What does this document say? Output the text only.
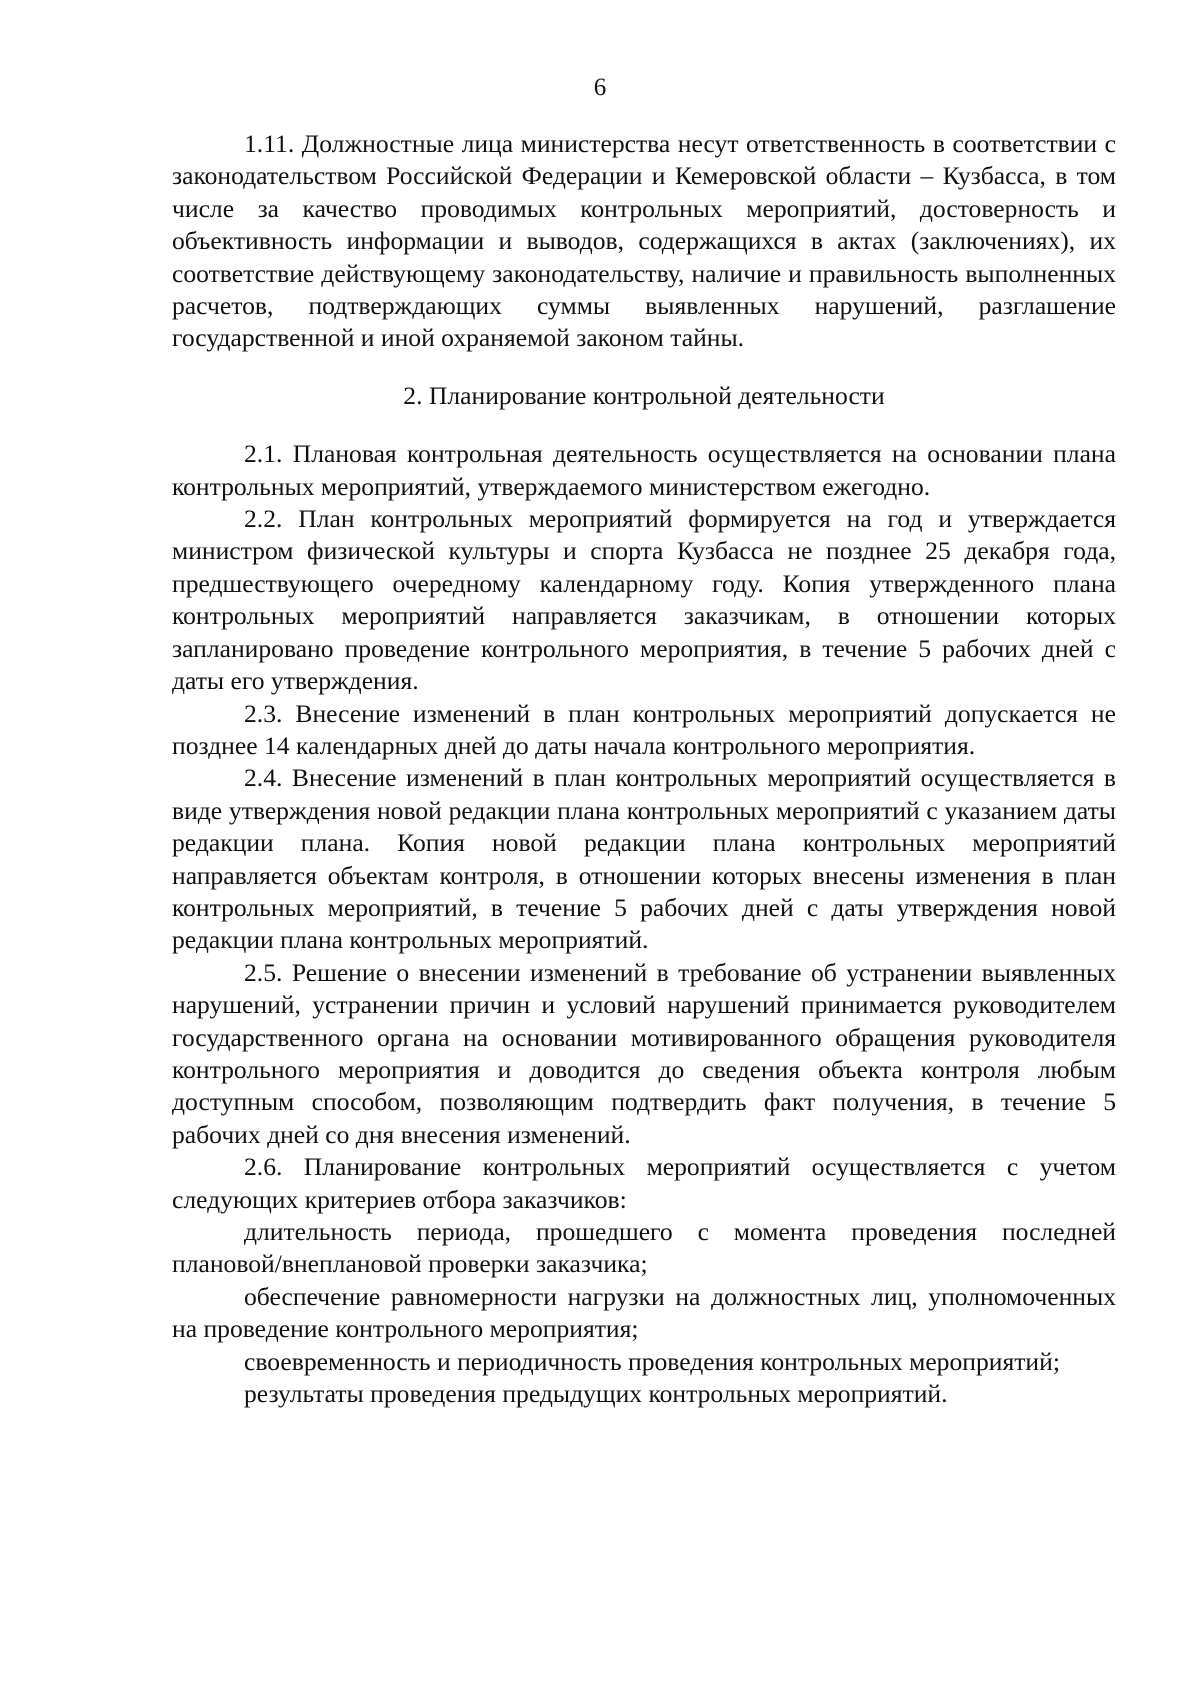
6

1.11. Должностные лица министерства несут ответственность в соответствии с законодательством Российской Федерации и Кемеровской области – Кузбасса, в том числе за качество проводимых контрольных мероприятий, достоверность и объективность информации и выводов, содержащихся в актах (заключениях), их соответствие действующему законодательству, наличие и правильность выполненных расчетов, подтверждающих суммы выявленных нарушений, разглашение государственной и иной охраняемой законом тайны.

2. Планирование контрольной деятельности

2.1. Плановая контрольная деятельность осуществляется на основании плана контрольных мероприятий, утверждаемого министерством ежегодно.

2.2. План контрольных мероприятий формируется на год и утверждается министром физической культуры и спорта Кузбасса не позднее 25 декабря года, предшествующего очередному календарному году. Копия утвержденного плана контрольных мероприятий направляется заказчикам, в отношении которых запланировано проведение контрольного мероприятия, в течение 5 рабочих дней с даты его утверждения.

2.3. Внесение изменений в план контрольных мероприятий допускается не позднее 14 календарных дней до даты начала контрольного мероприятия.

2.4. Внесение изменений в план контрольных мероприятий осуществляется в виде утверждения новой редакции плана контрольных мероприятий с указанием даты редакции плана. Копия новой редакции плана контрольных мероприятий направляется объектам контроля, в отношении которых внесены изменения в план контрольных мероприятий, в течение 5 рабочих дней с даты утверждения новой редакции плана контрольных мероприятий.

2.5. Решение о внесении изменений в требование об устранении выявленных нарушений, устранении причин и условий нарушений принимается руководителем государственного органа на основании мотивированного обращения руководителя контрольного мероприятия и доводится до сведения объекта контроля любым доступным способом, позволяющим подтвердить факт получения, в течение 5 рабочих дней со дня внесения изменений.

2.6. Планирование контрольных мероприятий осуществляется с учетом следующих критериев отбора заказчиков:

длительность периода, прошедшего с момента проведения последней плановой/внеплановой проверки заказчика;

обеспечение равномерности нагрузки на должностных лиц, уполномоченных на проведение контрольного мероприятия;

своевременность и периодичность проведения контрольных мероприятий;

результаты проведения предыдущих контрольных мероприятий.
